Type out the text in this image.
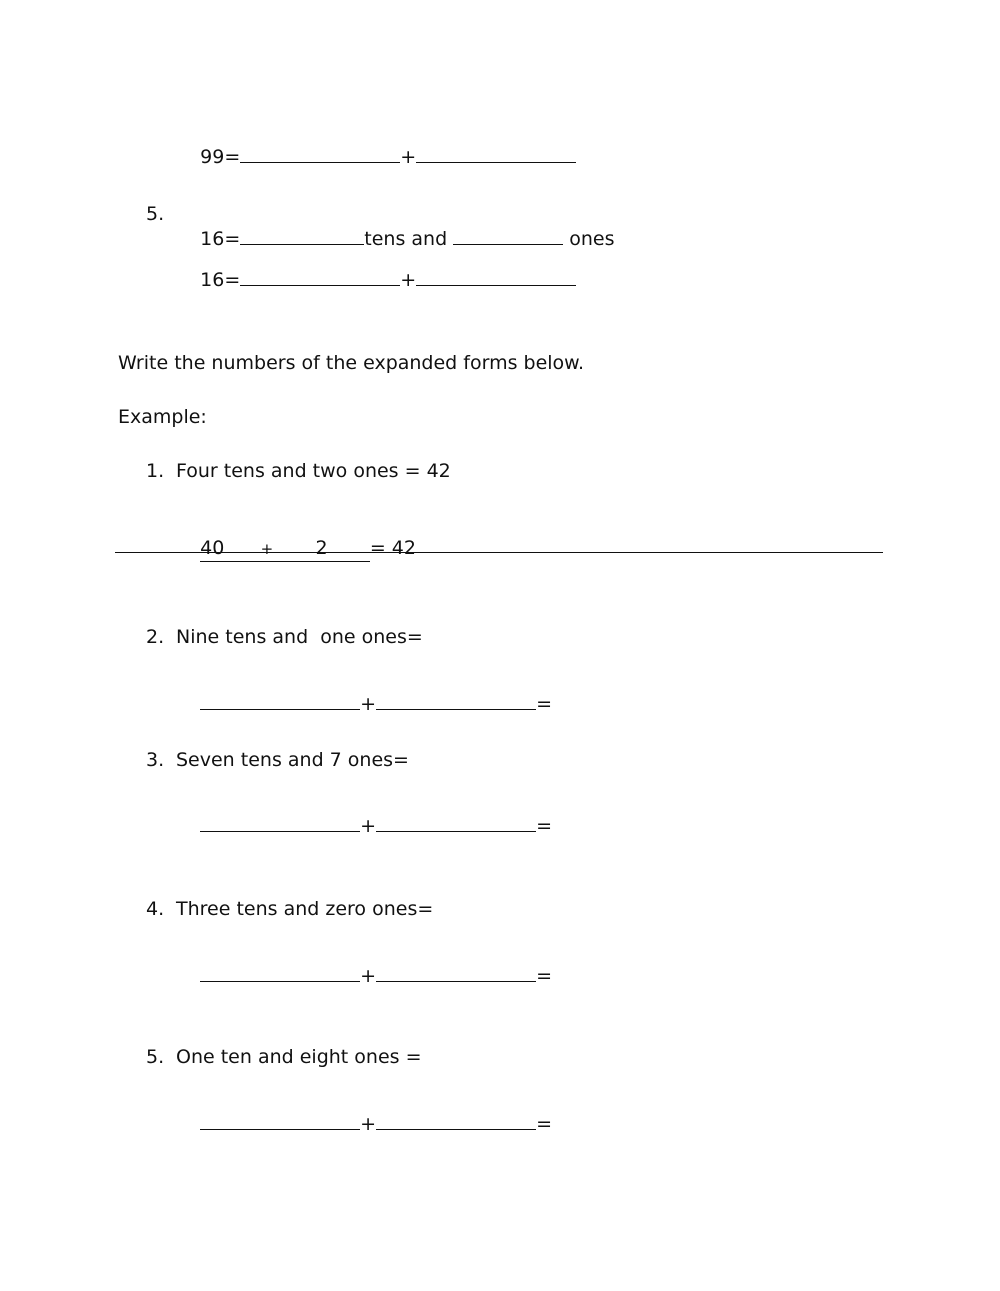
99=	+

5.

16=	tens and	ones

16=	+

Write the numbers of the expanded forms below.
Example:
1. Four tens and two ones = 42

40 + 2 = 42

2. Nine tens and  one ones=

+	=

3. Seven tens and 7 ones=

+	=

4. Three tens and zero ones=

+	=

5. One ten and eight ones =

+	=
